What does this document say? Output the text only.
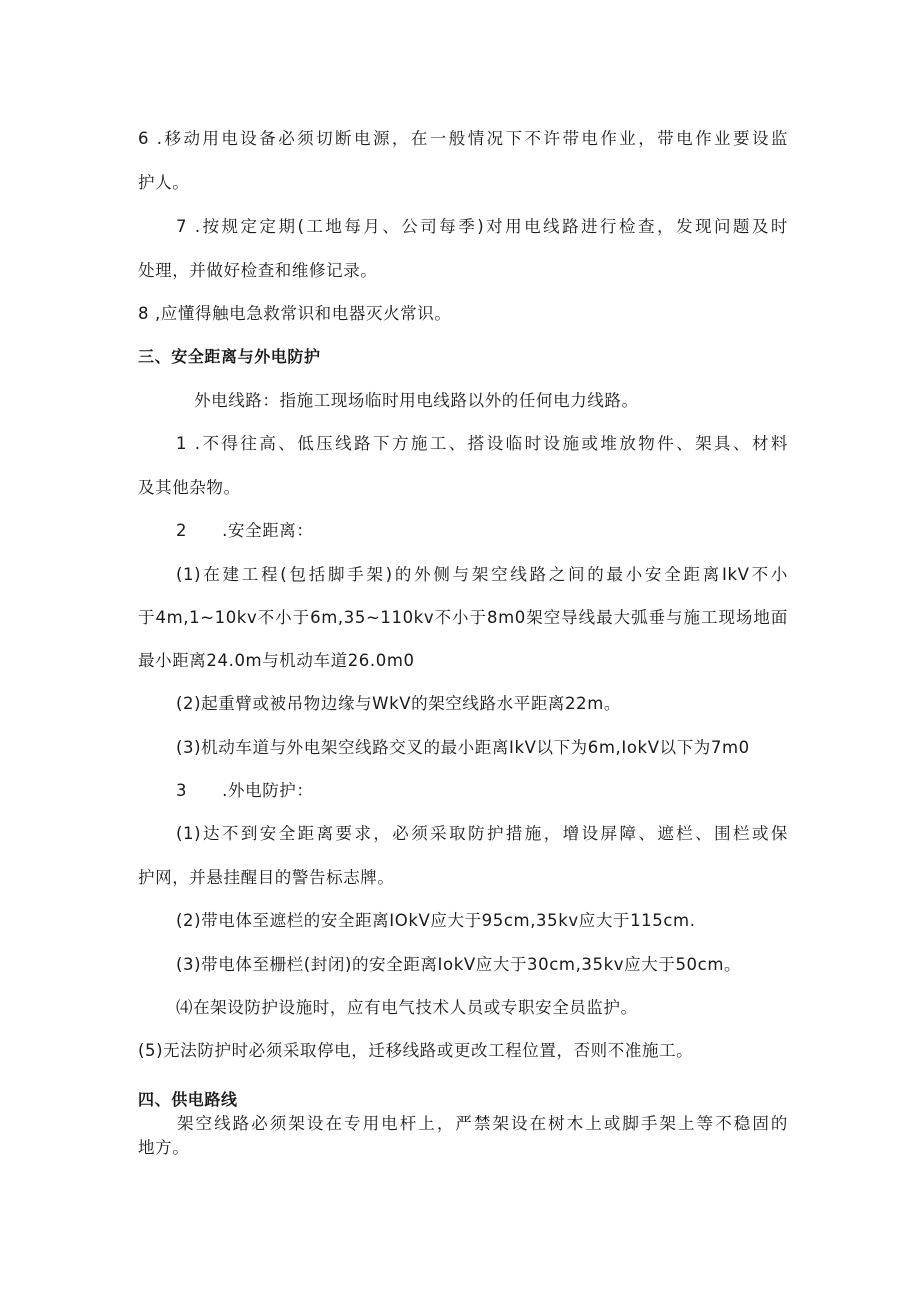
6 .移动用电设备必须切断电源，在一般情况下不许带电作业，带电作业要设监
护人。
7 .按规定定期(工地每月、公司每季)对用电线路进行检查，发现问题及时
处理，并做好检查和维修记录。
8 ,应懂得触电急救常识和电器灭火常识。
三、安全距离与外电防护
外电线路：指施工现场临时用电线路以外的任何电力线路。
1 .不得往高、低压线路下方施工、搭设临时设施或堆放物件、架具、材料
及其他杂物。
2      .安全距离：
(1)在建工程(包括脚手架)的外侧与架空线路之间的最小安全距离IkV不小
于4m,1~10kv不小于6m,35~110kv不小于8m0架空导线最大弧垂与施工现场地面
最小距离24.0m与机动车道26.0m0
(2)起重臂或被吊物边缘与WkV的架空线路水平距离22m。
(3)机动车道与外电架空线路交叉的最小距离IkV以下为6m,IokV以下为7m0
3      .外电防护：
(1)达不到安全距离要求，必须采取防护措施，增设屏障、遮栏、围栏或保
护网，并悬挂醒目的警告标志牌。
(2)带电体至遮栏的安全距离IOkV应大于95cm,35kv应大于115cm.
(3)带电体至栅栏(封闭)的安全距离IokV应大于30cm,35kv应大于50cm。
⑷在架设防护设施时，应有电气技术人员或专职安全员监护。
(5)无法防护时必须采取停电，迁移线路或更改工程位置，否则不准施工。
四、供电路线
架空线路必须架设在专用电杆上，严禁架设在树木上或脚手架上等不稳固的
地方。
